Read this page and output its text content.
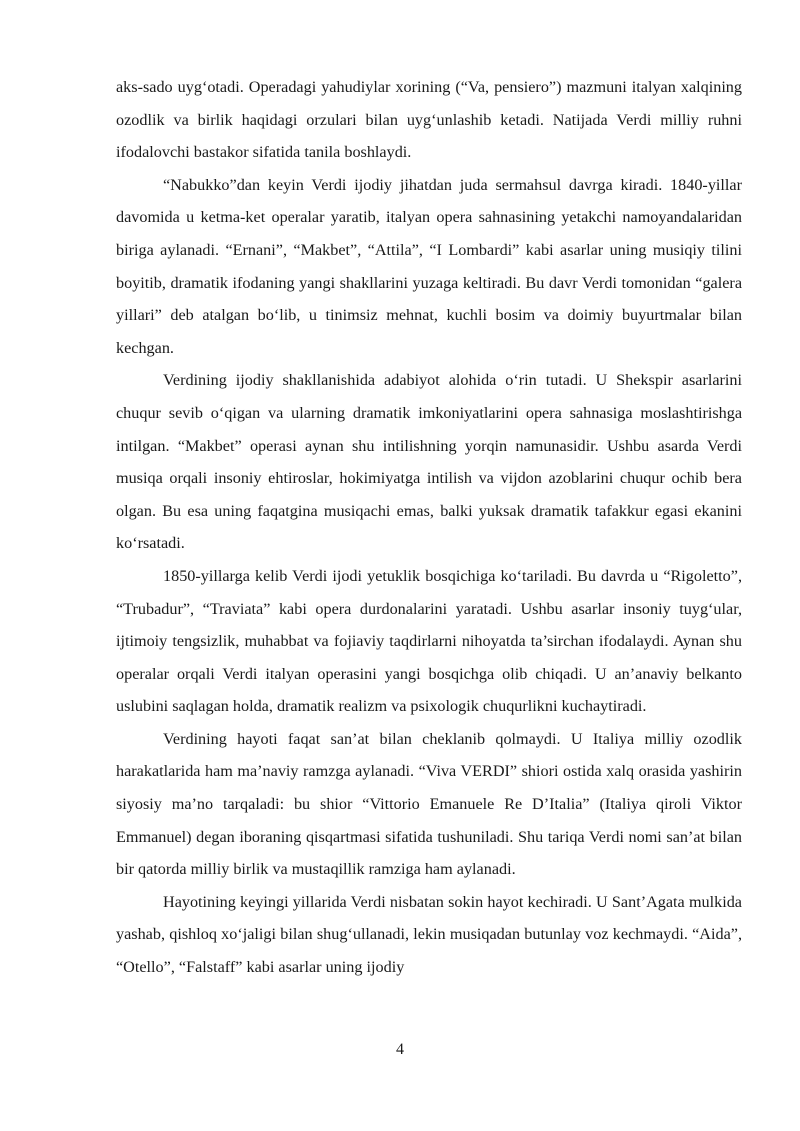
aks-sado uyg‘otadi. Operadagi yahudiylar xorining (“Va, pensiero”) mazmuni italyan xalqining ozodlik va birlik haqidagi orzulari bilan uyg‘unlashib ketadi. Natijada Verdi milliy ruhni ifodalovchi bastakor sifatida tanila boshlaydi.

“Nabukko”dan keyin Verdi ijodiy jihatdan juda sermahsul davrga kiradi. 1840-yillar davomida u ketma-ket operalar yaratib, italyan opera sahnasining yetakchi namoyandalaridan biriga aylanadi. “Ernani”, “Makbet”, “Attila”, “I Lombardi” kabi asarlar uning musiqiy tilini boyitib, dramatik ifodaning yangi shakllarini yuzaga keltiradi. Bu davr Verdi tomonidan “galera yillari” deb atalgan bo‘lib, u tinimsiz mehnat, kuchli bosim va doimiy buyurtmalar bilan kechgan.

Verdining ijodiy shakllanishida adabiyot alohida o‘rin tutadi. U Shekspir asarlarini chuqur sevib o‘qigan va ularning dramatik imkoniyatlarini opera sahnasiga moslashtirishga intilgan. “Makbet” operasi aynan shu intilishning yorqin namunasidir. Ushbu asarda Verdi musiqa orqali insoniy ehtiroslar, hokimiyatga intilish va vijdon azoblarini chuqur ochib bera olgan. Bu esa uning faqatgina musiqachi emas, balki yuksak dramatik tafakkur egasi ekanini ko‘rsatadi.

1850-yillarga kelib Verdi ijodi yetuklik bosqichiga ko‘tariladi. Bu davrda u “Rigoletto”, “Trubadur”, “Traviata” kabi opera durdonalarini yaratadi. Ushbu asarlar insoniy tuyg‘ular, ijtimoiy tengsizlik, muhabbat va fojiaviy taqdirlarni nihoyatda ta’sirchan ifodalaydi. Aynan shu operalar orqali Verdi italyan operasini yangi bosqichga olib chiqadi. U an’anaviy belkanto uslubini saqlagan holda, dramatik realizm va psixologik chuqurlikni kuchaytiradi.

Verdining hayoti faqat san’at bilan cheklanib qolmaydi. U Italiya milliy ozodlik harakatlarida ham ma’naviy ramzga aylanadi. “Viva VERDI” shiori ostida xalq orasida yashirin siyosiy ma’no tarqaladi: bu shior “Vittorio Emanuele Re D’Italia” (Italiya qiroli Viktor Emmanuel) degan iboraning qisqartmasi sifatida tushuniladi. Shu tariqa Verdi nomi san’at bilan bir qatorda milliy birlik va mustaqillik ramziga ham aylanadi.

Hayotining keyingi yillarida Verdi nisbatan sokin hayot kechiradi. U Sant’Agata mulkida yashab, qishloq xo‘jaligi bilan shug‘ullanadi, lekin musiqadan butunlay voz kechmaydi. “Aida”, “Otello”, “Falstaff” kabi asarlar uning ijodiy

4
